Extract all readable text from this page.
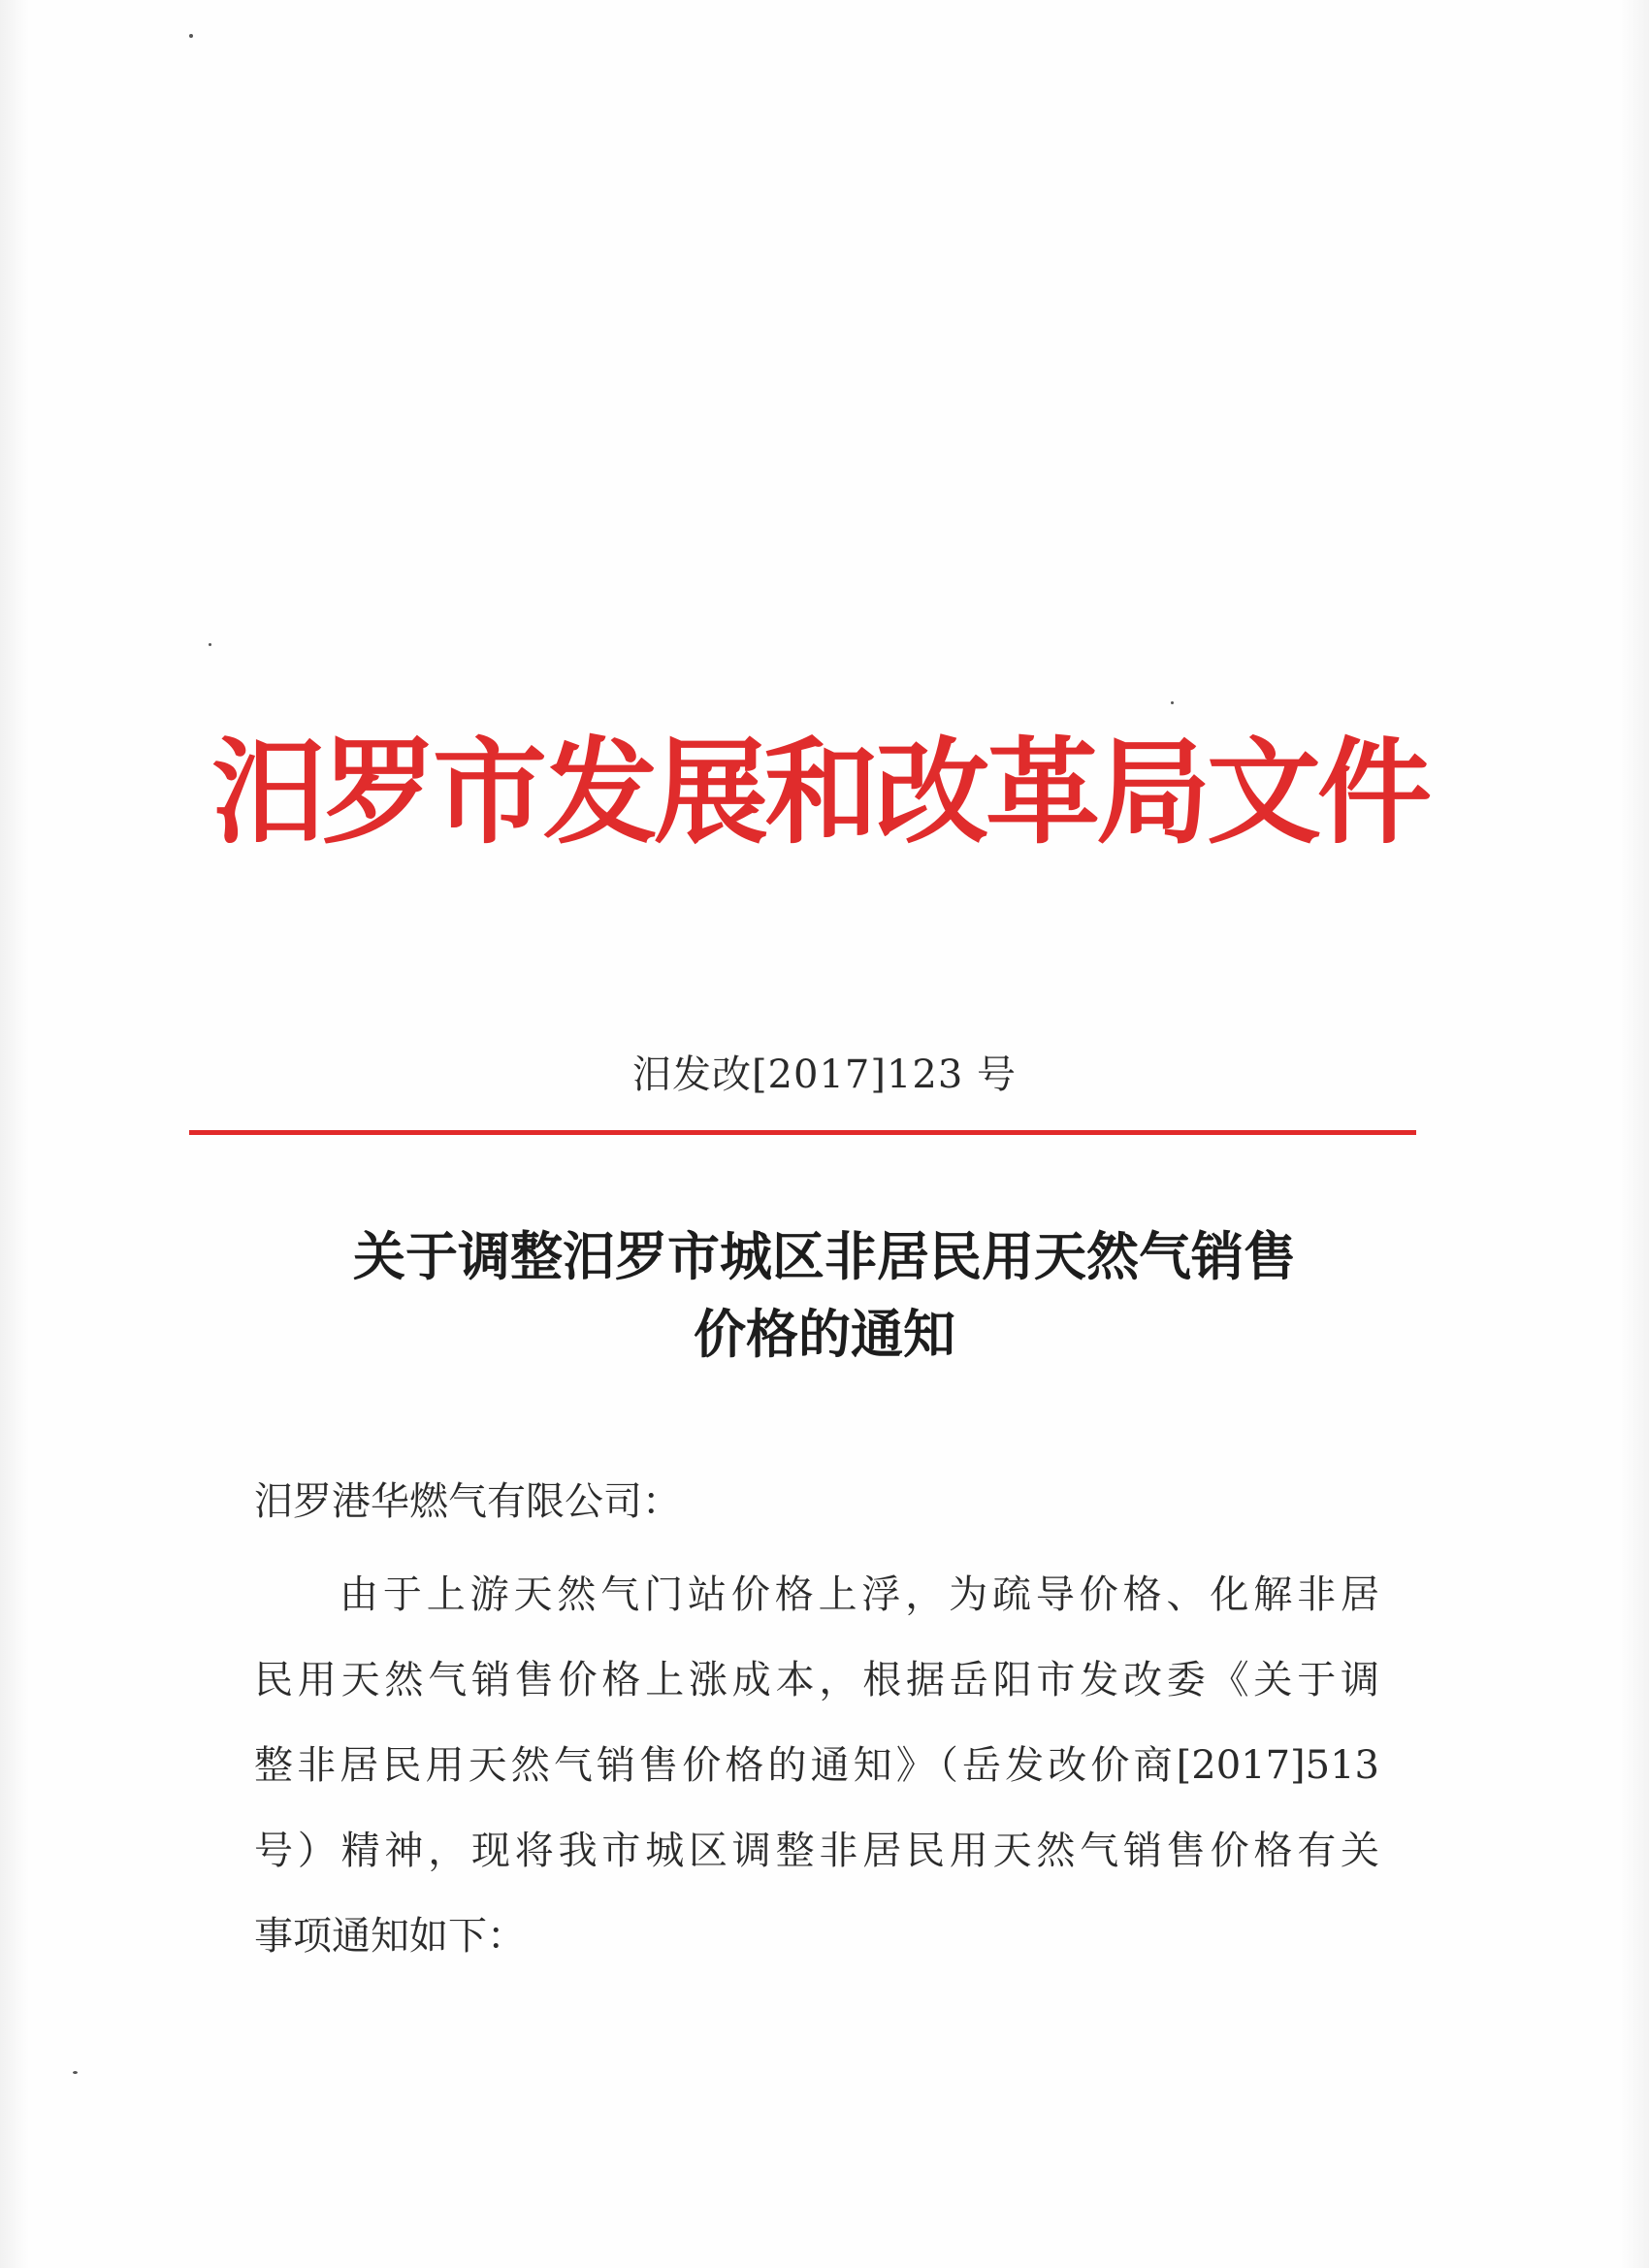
汨罗市发展和改革局文件
汨发改[2017]123 号
关于调整汨罗市城区非居民用天然气销售
价格的通知
汨罗港华燃气有限公司：
由于上游天然气门站价格上浮，为疏导价格、化解非居
民用天然气销售价格上涨成本，根据岳阳市发改委《关于调
整非居民用天然气销售价格的通知》（岳发改价商[2017]513
号）精神，现将我市城区调整非居民用天然气销售价格有关
事项通知如下：
